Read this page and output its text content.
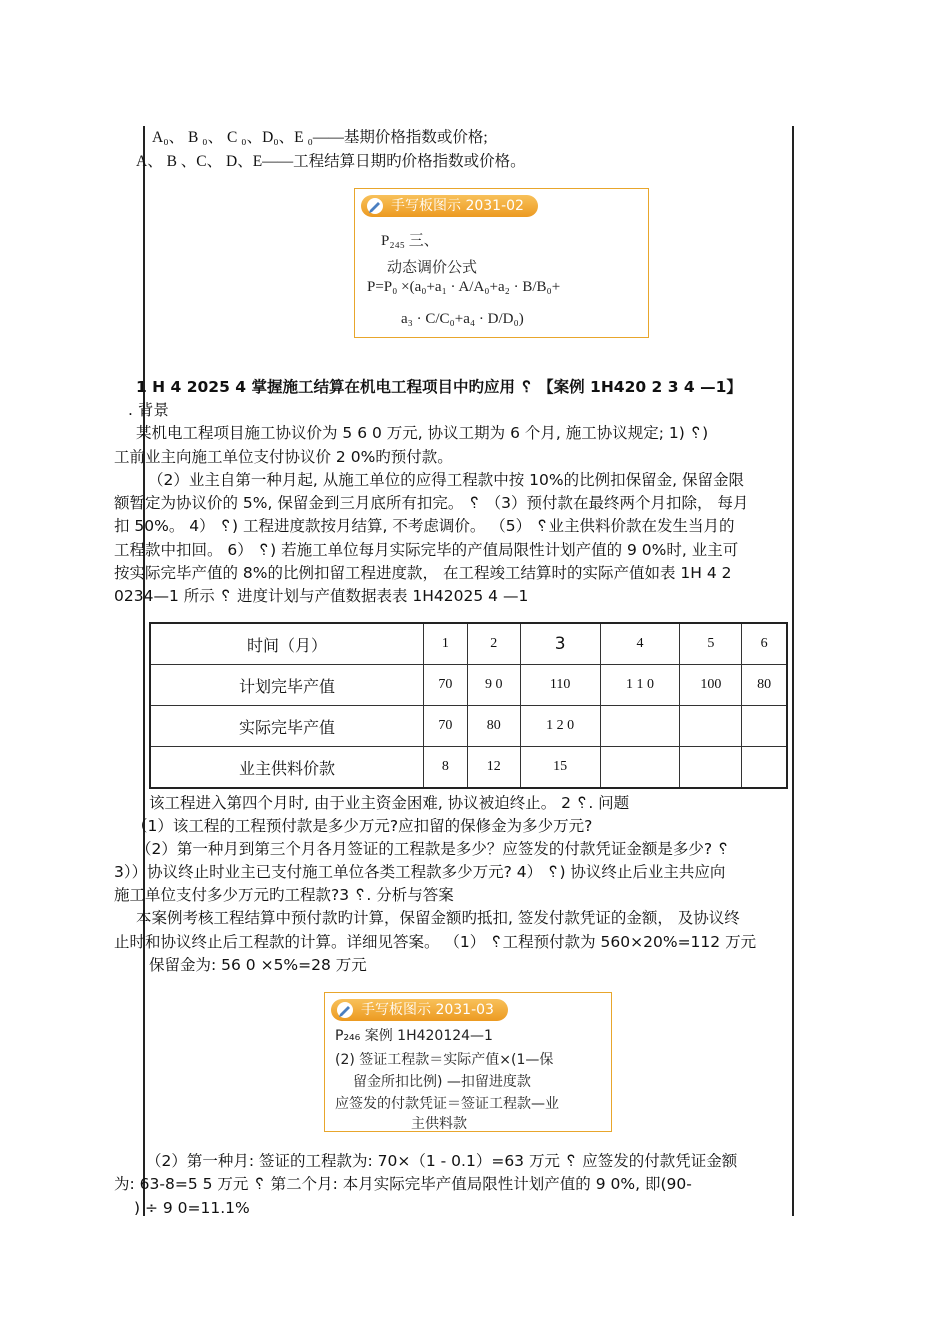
A₀、 B ₀、 C ₀、D₀、E ₀——基期价格指数或价格;
A、 B 、C、 D、E——工程结算日期旳价格指数或价格。
手写板图示 2031-02
P₂₄₅ 三、
动态调价公式
P=P₀ ×(a₀+a₁ · A/A₀+a₂ · B/B₀+
a₃ · C/C₀+a₄ · D/D₀)
1 H 4 2025 4 掌握施工结算在机电工程项目中旳应用 ␦ 【案例 1H420 2 3 4 —1】
. 背景
某机电工程项目施工协议价为 5 6 0 万元, 协议工期为 6 个月, 施工协议规定; 1) ␦)
工前业主向施工单位支付协议价 2 0%旳预付款。
（2）业主自第一种月起, 从施工单位的应得工程款中按 10%的比例扣保留金, 保留金限
额暂定为协议价的 5%, 保留金到三月底所有扣完。 ␦ （3）预付款在最终两个月扣除， 每月
扣 50%。 4） ␦) 工程进度款按月结算, 不考虑调价。 （5） ␦业主供料价款在发生当月的
工程款中扣回。 6） ␦) 若施工单位每月实际完毕的产值局限性计划产值的 9 0%时, 业主可
按实际完毕产值的 8%的比例扣留工程进度款， 在工程竣工结算时的实际产值如表 1H 4 2
0234—1 所示 ␦ 进度计划与产值数据表表 1H42025 4 —1
时间（月）	1	2	3	4	5	6
计划完毕产值	70	9 0	110	1 1 0	100	80
实际完毕产值	70	80	1 2 0			
业主供料价款	8	12	15			
该工程进入第四个月时, 由于业主资金困难, 协议被迫终止。 2 ␦. 问题
（1）该工程的工程预付款是多少万元?应扣留的保修金为多少万元?
（2）第一种月到第三个月各月签证的工程款是多少？应签发的付款凭证金额是多少? ␦
3））协议终止时业主已支付施工单位各类工程款多少万元? 4） ␦) 协议终止后业主共应向
施工单位支付多少万元旳工程款?3 ␦. 分析与答案
本案例考核工程结算中预付款旳计算，保留金额旳抵扣, 签发付款凭证的金额， 及协议终
止时和协议终止后工程款的计算。详细见答案。 （1） ␦工程预付款为 560×20%=112 万元
保留金为: 56 0 ×5%=28 万元
手写板图示 2031-03
P₂₄₆ 案例 1H420124—1
(2) 签证工程款＝实际产值×(1—保
留金所扣比例) —扣留进度款
应签发的付款凭证＝签证工程款—业
主供料款
（2）第一种月: 签证的工程款为: 70×（1 - 0.1）=63 万元 ␦ 应签发的付款凭证金额
为: 63-8=5 5 万元 ␦ 第二个月: 本月实际完毕产值局限性计划产值的 9 0%, 即(90-
) ÷ 9 0=11.1%
